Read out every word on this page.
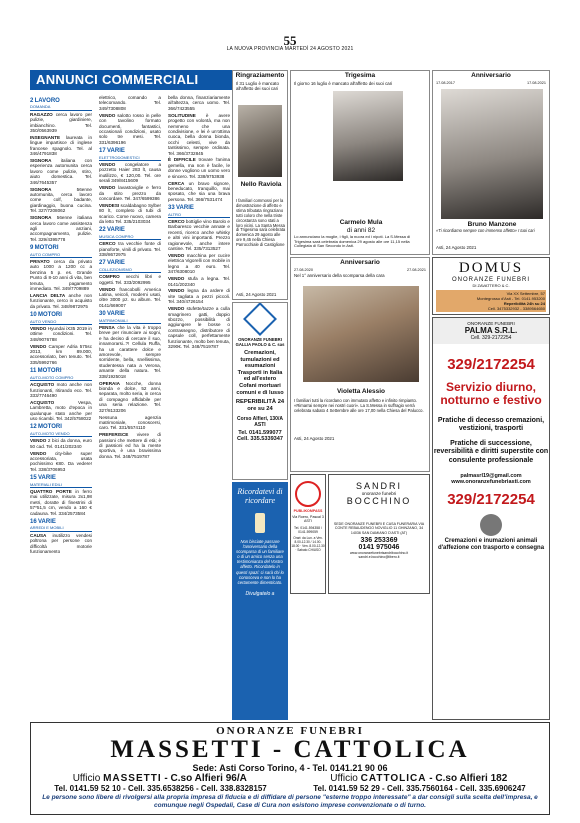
55
LA NUOVA PROVINCIA MARTEDÌ 24 AGOSTO 2021
ANNUNCI COMMERCIALI
2 LAVORO
DOMANDA
RAGAZZO cerca lavoro per pulizie, giardiniere, imbianchino. Tel. 350/0563939
INSEGNANTE laureata in lingue impartisce di inglese francese spagnolo. Tel. al 346/4791838
SIGNORA italiana con esperienza automunita cerca lavoro come pulizie, stiro, aiuto domestica. Tel. 346/7645357
SIGNORA	56enne automunita, cerca lavoro come colf, badante, giardinaggio, buona cucina. Tel. 327/7208062
SIGNORA 56enne italiana cerca lavoro come assistenza agli anziani, accompagnamento, pulizie. Tel. 329/4395778
9 MOTORI
AUTO COMPRO
PRIVATO cerca da privato auto 1000 a 1200 cc a benzina 5 p. es. Grande Punto di 8-10 anni di vita, ben tenuta, pagamento immediato. Tel. 349/7709889
LANCIA DELTA anche non funzionante, cerco in acquisto da privato. Tel. 348/9872975
10 MOTORI
AUTO VENDO
VENDO Hyundai iX35 2019 in ottime condizioni. Tel. 348/9076788
VENDO Camper Adria 575sc 2013, km 89.000, accessoriato, ben tenuto. Tel. 335/5992766
11 MOTORI
AUTO-MOTO COMPRO
ACQUISTO moto anche non funzionanti, ritirando eco. Tel. 333/7746490
ACQUISTO	Vespa, Lambretta, moto d'epoca in qualunque stato anche per uso ricambi. Tel. 342/5758022
12 MOTORI
AUTO-MOTO VENDO
VENDO 2 bici da donna, euro 50 cad. Tel. 0141/202340
VENDO city-bike super accessoriata, usata pochissimo €80. Da vedere! Tel. 338/3706953
15 VARIE
MATERIALI EDILI
QUATTRO PORTE in ferro mai utilizzate, misura 2x1,98 metri, doratte di finestrini di 57*51,5 cm, vendo a 160 € cadauna. Tel. 334/2573584
16 VARIE
ARREDI E MOBILI
CAUSA inutilizzo vendesi poltrona per persone con difficoltà motorie funzionamento
elettrico, comando a telecomando. Tel. 349/7308808
VENDO salotto rosso in pelle con tavolino formato documenti, fantastici, occasionali condizioni, usato solo tre mesi. Tel. 331/6396196
17 VARIE
ELETTRODOMESTICI
VENDO congelatore a pozzetto Haier 283 lt, causa inutilizzo, € 120,00. Tel. ore serali 349/8415609
VENDO lavastoviglie e ferro da stiro prezzo da concordare. Tel. 347/6599386
VENDESI scaldabagno Sylber 80 lt, completo di tubi di scarico. Come nuovo, camera da letto Tel. 335/2103034
22 VARIE
MUSICA COMPRO
CERCO tra vecchie fonte di pianoforte, vinili di privato. Tel. 338/8672975
27 VARIE
COLLEZIONISMO
COMPRO vecchi libri e oggetti. Tel. 333/2092995
VENDO francobolli America Latina, veicoli, moderni usati, oltre 3000 pz. su album. Tel. 0141/669007
30 VARIE
MATRIMONIALI
PENSA che la vita è troppo breve per rinunciare ai sogni, e ha deciso di cercare il suo, innamorarsi..?! Cellula Ruffa, ha un carattere dolce e amorevole, sempre sorridente, bella, snellissima, studentessa nata a Verona, amante della natura. Tel. 338/1925018
OPERAIA Nocche, donna bionda e dolce, 52 anni, separata, molto seria, in cerca di compagno affidabile per una seria relazione. Tel. 327/8133206
Nessuna agenzia matrimoniale, conoscersi, caro. Tel. 331/5574110
PREFERISCE vivere di passioni che mettere di età; è di passioni ed ha la mente sportiva, è una bravissima donna. Tel. 348/7519787
bella donna, finanziariamente all'altezza, cerca uomo. Tel. 366/7423555
SOLITUDINE è avere progetto con volontà, ma non nemmeno che una condivisione, e lei è un'ottima cuoca, bella donna bionda, occhi celesti, vive da tantissimo, sempre ordinata. Tel. 366/3732845
È DIFFICILE trovare l'anima gemella, ma non è facile, le donne vogliono un uomo vero e sincero. Tel. 338/9753938
CERCA un bravo signore, beneducato, tranquillo, mai sposato, che sia una brava persona. Tel. 366/7531474
33 VARIE
ALTRO
CERCO bottiglie vino Barolo e Barbaresco vecchie annate e recenti, ricerco anche whisky e altri vini importanti. Prezzo ragionevole, anche intere cantine. Tel. 335/7313527
VENDO macchina per cucire elettrica Vigorelli con mobile in legno a 40 euro. Tel. 347/6308010
VENDO stufa a legna. Tel. 0141/202340
VENDO legna da ardere di vite tagliata a pezzi piccoli. Tel. 340/4726154
VENDO stufette/tazze a culla smagrinero gatti, doppio sbozzo, possibilità di aggiungere le bosse o contrassegno, distributore di capsule coll, perfettamente funzionante, molto ben tenuta, 3290€. Tel. 348/7519787
Ringraziamento
Il 31 Luglio è mancato all'affetto dei suoi cari
Nello Raviola
I familiari commossi per la dimostrazione di affetto e stima tributata ringraziano tutti coloro che nella triste circostanza sono stati a loro vicini. La Santa Messa di Trigesima sarà celebrata domenica 29 agosto alle ore 9,45 nella Chiesa Parrocchiale di Castiglione
Asti, 24 Agosto 2021
Trigesima
Il giorno 16 luglio è mancato all'affetto dei suoi cari
Carmelo Mula
di anni 82
Lo annunciano la moglie, i figli, la nuora ed i nipoti. La S.Messa di Trigesima sarà celebrata domenica 29 agosto alle ore 11,15 nella Collegiata di San Secondo in Asti.
Anniversario
17.08.2017	17.08.2021
Bruno Manzone
«Ti ricordiamo sempre con immenso affetto» I tuoi cari
Asti, 24 Agosto 2021
ONORANZE FUNEBRI GALLIA PAOLO & C. sas
Cremazioni, tumulazioni ed esumazioni Trasporti in Italia ed all'estero Cofani mortuari comuni e di lusso
REPERIBILITÀ 24 ore su 24
Corso Alfieri, 130/A ASTI
Tel. 0141.599077
Cell. 335.5339347
Anniversario
27.08.2020	27.08.2021
Nel 1° anniversario della scomparsa della cara
Violetta Alessio
I familiari tutti la ricordano con immutato affetto e infinito rimpianto. «Rimarrai sempre nei nostri cuori». La S.Messa in suffragio verrà celebrata sabato 4 Settembre alle ore 17,00 nella Chiesa del Palucco.
Asti, 24 Agosto 2021
Ricordatevi di ricordare
Non bisciate passare l'anniversario della scomparsa di un familiare o di un amico senza una testimonianza del Vostro affetto. Ricordatelo in questi spazi: ci sarà chi lo conosceva e non lo ha certamente dimenticato.
Divulgatelo a
PUBLIKOMPASS
Via Roero, Pascal 3 ASTI
Tel. 0141.594358 / 0141.599059
Orari: da Lun. a Ven. 8.00-12.30 / 14.00-18.00 · Ven. 8.00-12.30 · Sabato CHIUSO
SANDRI
onoranze funebri
BOCCHINO
SEDE ONORANZE FUNEBRI E CASA FUNERARIA VIA CONTE REBAUDENGO NOVIGLIO 11 GHINZANO, 34 14036 SAN DAMIANO D'ASTI (AT)
336 253369
0141 975046
www.onoranzefunebrisandribocchino.it
sandri.e.bocchino@libero.it
DOMUS
ONORANZE FUNEBRI
DI ZAVATTERO & C.
Via XX Settembre, 57
Montegrosso d'Asti - Tel. 0141.953200
Reperibilità 24h su 24
Cell. 3475332932 - 3389564650
ONORANZE FUNEBRI
PALMA S.R.L.
Cell. 329-2172254
329/2172254
Servizio diurno, notturno e festivo
Pratiche di decesso cremazioni, vestizioni, trasporti
Pratiche di successione, reversibilità e diritti superstite con consulente professionale
palmasrl19@gmail.com
www.onoranzefunebriasti.com
329/2172254
Cremazioni e inumazioni animali d'affezione con trasporto e consegna
ONORANZE FUNEBRI
MASSETTI - CATTOLICA
Sede: Asti Corso Torino, 4 - Tel. 0141.21 90 06
Ufficio MASSETTI - C.so Alfieri 96/A	Ufficio CATTOLICA - C.so Alfieri 182
Tel. 0141.59 52 10 - Cell. 335.6538256 - Cell. 338.8328157	Tel. 0141.59 52 29 - Cell. 335.7560164 - Cell. 335.6906247
Le persone sono libere di rivolgersi alla propria impresa di fiducia e di diffidare di persone "esterne troppo interessate" a dar consigli sulla scelta dell'impresa, e comunque negli Ospedali, Case di Cura non esistono imprese convenzionate o di turno.
